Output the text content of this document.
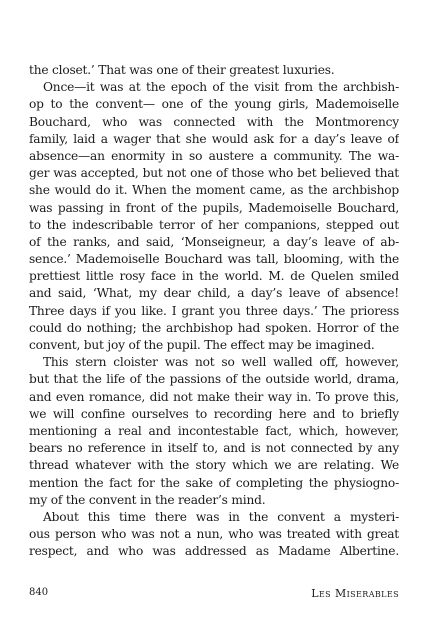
the closet.’ That was one of their greatest luxuries.
Once—it was at the epoch of the visit from the archbish-
op to the convent— one of the young girls, Mademoiselle
Bouchard, who was connected with the Montmorency
family, laid a wager that she would ask for a day’s leave of
absence—an enormity in so austere a community. The wa-
ger was accepted, but not one of those who bet believed that
she would do it. When the moment came, as the archbishop
was passing in front of the pupils, Mademoiselle Bouchard,
to the indescribable terror of her companions, stepped out
of the ranks, and said, ‘Monseigneur, a day’s leave of ab-
sence.’ Mademoiselle Bouchard was tall, blooming, with the
prettiest little rosy face in the world. M. de Quelen smiled
and said, ‘What, my dear child, a day’s leave of absence!
Three days if you like. I grant you three days.’ The prioress
could do nothing; the archbishop had spoken. Horror of the
convent, but joy of the pupil. The effect may be imagined.
This stern cloister was not so well walled off, however,
but that the life of the passions of the outside world, drama,
and even romance, did not make their way in. To prove this,
we will confine ourselves to recording here and to briefly
mentioning a real and incontestable fact, which, however,
bears no reference in itself to, and is not connected by any
thread whatever with the story which we are relating. We
mention the fact for the sake of completing the physiogno-
my of the convent in the reader’s mind.
About this time there was in the convent a mysteri-
ous person who was not a nun, who was treated with great
respect, and who was addressed as Madame Albertine.
840	Les Miserables
